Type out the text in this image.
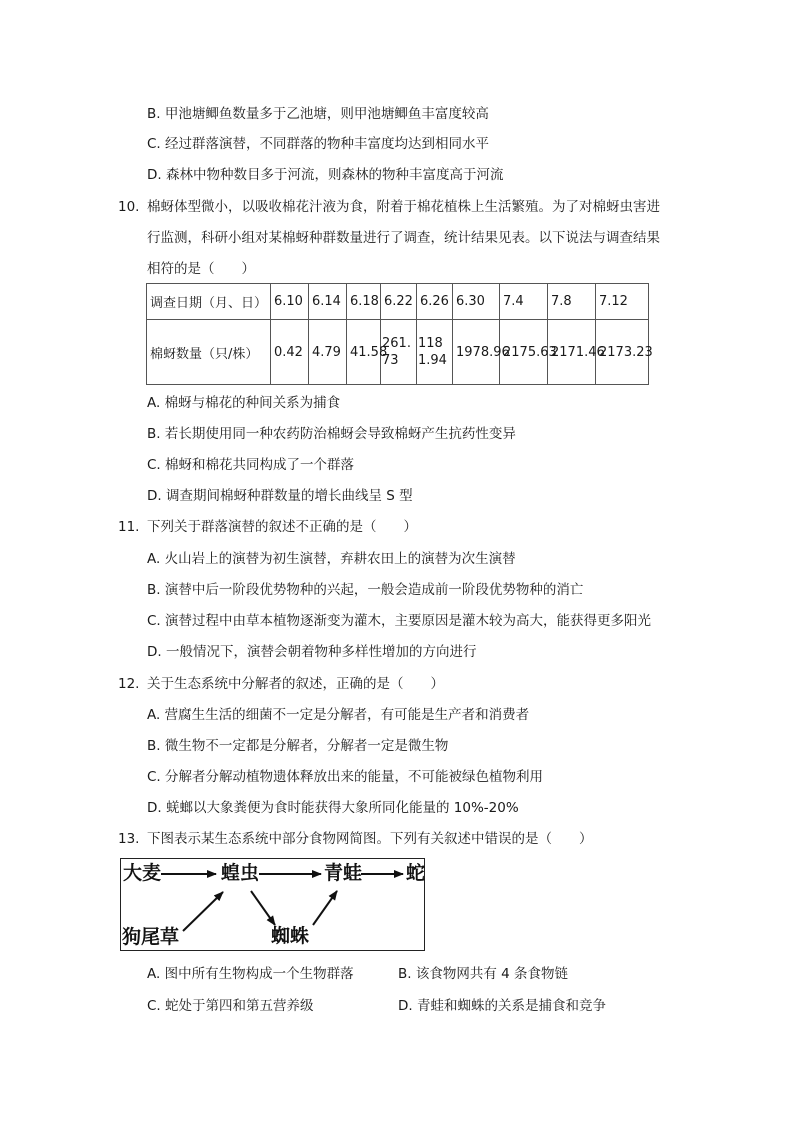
B. 甲池塘鲫鱼数量多于乙池塘，则甲池塘鲫鱼丰富度较高
C. 经过群落演替，不同群落的物种丰富度均达到相同水平
D. 森林中物种数目多于河流，则森林的物种丰富度高于河流
10. 棉蚜体型微小，以吸收棉花汁液为食，附着于棉花植株上生活繁殖。为了对棉蚜虫害进
行监测，科研小组对某棉蚜种群数量进行了调查，统计结果见表。以下说法与调查结果
相符的是（　　）
调查日期（月、日）	6.10	6.14	6.18	6.22	6.26	6.30	7.4	7.8	7.12
棉蚜数量（只/株）	0.42	4.79	41.58	261.73	1181.94	1978.96	2175.63	2171.46	2173.23
A. 棉蚜与棉花的种间关系为捕食
B. 若长期使用同一种农药防治棉蚜会导致棉蚜产生抗药性变异
C. 棉蚜和棉花共同构成了一个群落
D. 调查期间棉蚜种群数量的增长曲线呈 S 型
11. 下列关于群落演替的叙述不正确的是（　　）
A. 火山岩上的演替为初生演替，弃耕农田上的演替为次生演替
B. 演替中后一阶段优势物种的兴起，一般会造成前一阶段优势物种的消亡
C. 演替过程中由草本植物逐渐变为灌木，主要原因是灌木较为高大，能获得更多阳光
D. 一般情况下，演替会朝着物种多样性增加的方向进行
12. 关于生态系统中分解者的叙述，正确的是（　　）
A. 营腐生生活的细菌不一定是分解者，有可能是生产者和消费者
B. 微生物不一定都是分解者，分解者一定是微生物
C. 分解者分解动植物遗体释放出来的能量，不可能被绿色植物利用
D. 蜣螂以大象粪便为食时能获得大象所同化能量的 10%-20%
13. 下图表示某生态系统中部分食物网简图。下列有关叙述中错误的是（　　）
大麦	蝗虫	青蛙 蛇
狗尾草	蜘蛛
A. 图中所有生物构成一个生物群落	B. 该食物网共有 4 条食物链
C. 蛇处于第四和第五营养级	D. 青蛙和蜘蛛的关系是捕食和竞争
